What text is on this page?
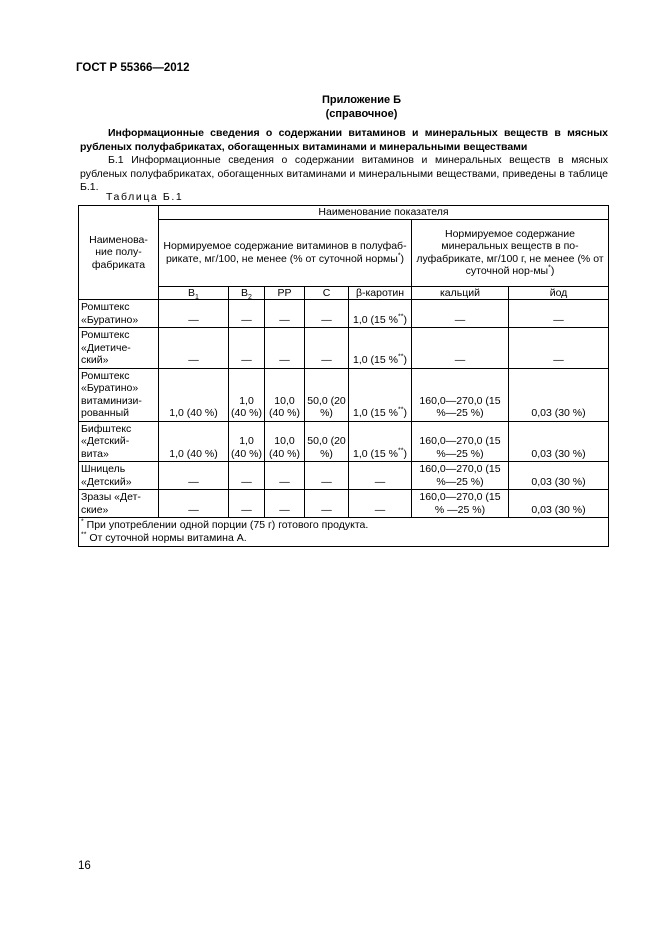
ГОСТ Р 55366—2012
Приложение Б
(справочное)
Информационные сведения о содержании витаминов и минеральных веществ в мясных рубленых полуфабрикатах, обогащенных витаминами и минеральными веществами
Б.1 Информационные сведения о содержании витаминов и минеральных веществ в мясных рубленых полуфабрикатах, обогащенных витаминами и минеральными веществами, приведены в таблице Б.1.
Таблица Б.1
Наименова-ние полу-фабриката	Наименование показателя						
	Нормируемое содержание витаминов в полуфаб-рикате, мг/100, не менее (% от суточной нормы*)					Нормируемое содержание минеральных веществ в по-луфабрикате, мг/100 г, не менее (% от суточной нор-мы*)	
	$B_1$	$B_2$	PP	C	β-каротин	кальций	йод
Ромштекс «Буратино»	—	—	—	—	1,0 (15 %**)	—	—
Ромштекс «Диетиче-ский»	—	—	—	—	1,0 (15 %**)	—	—
Ромштекс «Буратино» витаминизи-рованный	1,0 (40 %)	1,0 (40 %)	10,0 (40 %)	50,0 (20 %)	1,0 (15 %**)	160,0—270,0 (15 %—25 %)	0,03 (30 %)
Бифштекс «Детский-вита»	1,0 (40 %)	1,0 (40 %)	10,0 (40 %)	50,0 (20 %)	1,0 (15 %**)	160,0—270,0 (15 %—25 %)	0,03 (30 %)
Шницель «Детский»	—	—	—	—	—	160,0—270,0 (15 %—25 %)	0,03 (30 %)
Зразы «Дет-ские»	—	—	—	—	—	160,0—270,0 (15 % —25 %)	0,03 (30 %)

* При употреблении одной порции (75 г) готового продукта.
** От суточной нормы витамина А.							
16
